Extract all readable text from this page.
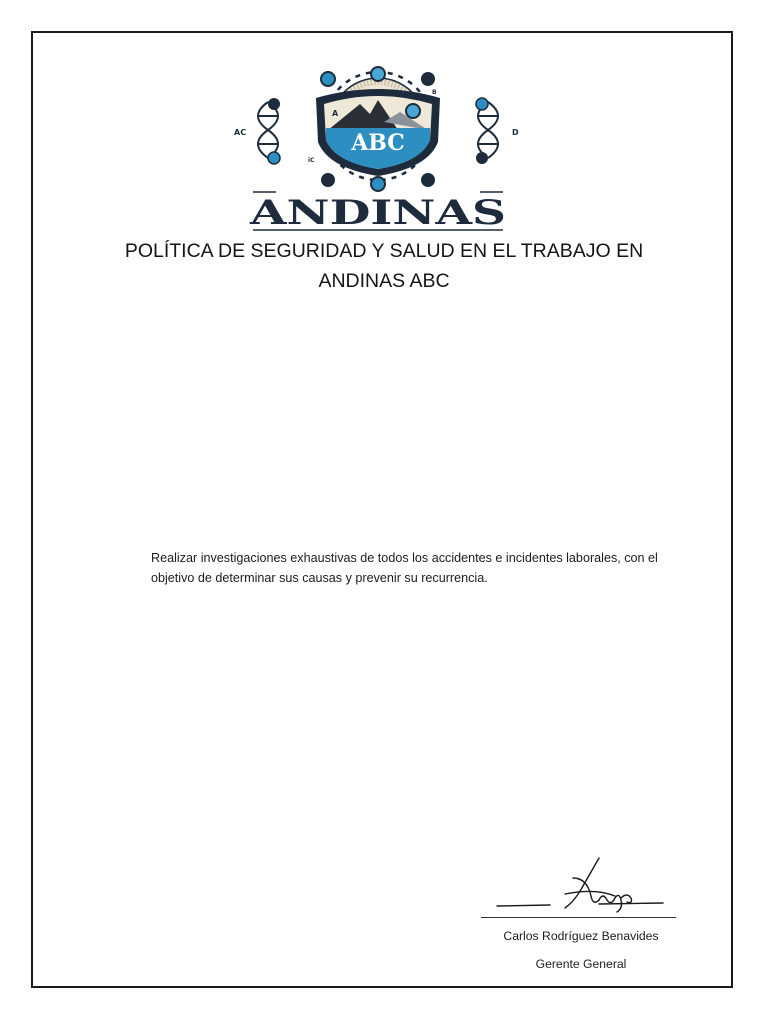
AC	D
A
B
iC
ABC
ANDINAS
POLÍTICA DE SEGURIDAD Y SALUD EN EL TRABAJO EN
ANDINAS ABC

Realizar investigaciones exhaustivas de todos los accidentes e incidentes laborales, con el objetivo de determinar sus causas y prevenir su recurrencia.

Carlos Rodríguez Benavides
Gerente General
